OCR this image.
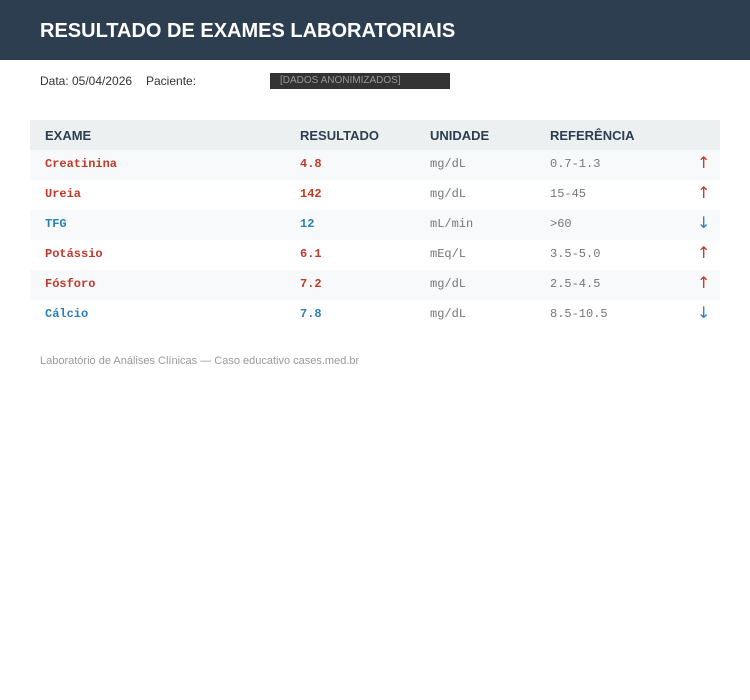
RESULTADO DE EXAMES LABORATORIAIS
Data: 05/04/2026 Paciente:	[DADOS ANONIMIZADOS]
EXAME	RESULTADO	UNIDADE	REFERÊNCIA
Creatinina	4.8	mg/dL	0.7-1.3	↑
Ureia	142	mg/dL	15-45	↑
TFG	12	mL/min	>60	↓
Potássio	6.1	mEq/L	3.5-5.0	↑
Fósforo	7.2	mg/dL	2.5-4.5	↑
Cálcio	7.8	mg/dL	8.5-10.5	↓
Laboratório de Análises Clínicas — Caso educativo cases.med.br
